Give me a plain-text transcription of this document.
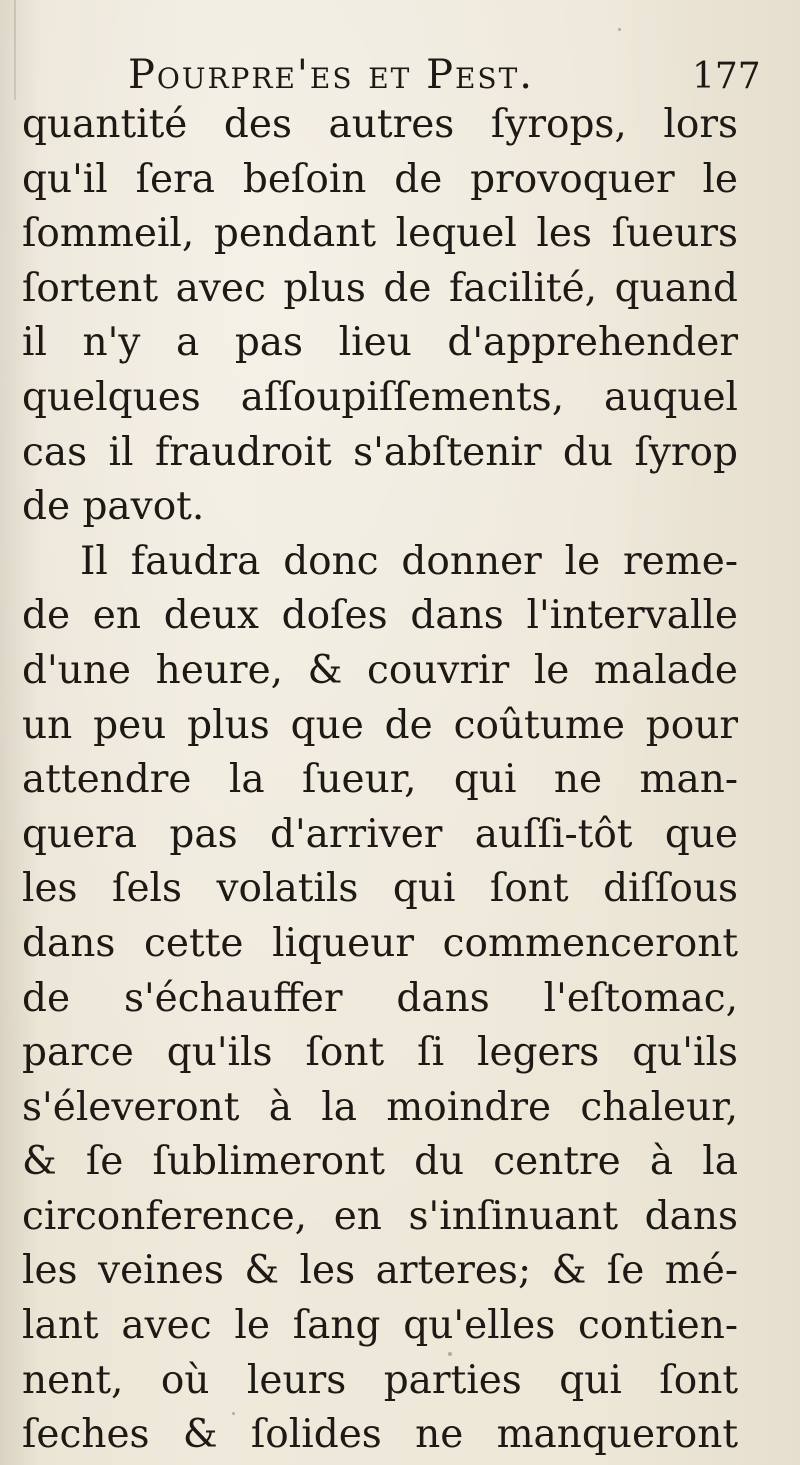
Pourpre'es et Pest.	177
quantité des autres ſyrops, lors
qu'il ſera beſoin de provoquer le
ſommeil, pendant lequel les ſueurs
ſortent avec plus de facilité, quand
il n'y a pas lieu d'apprehender
quelques aſſoupiſſements, auquel
cas il fraudroit s'abſtenir du ſyrop
de pavot.
Il faudra donc donner le reme-
de en deux doſes dans l'intervalle
d'une heure, & couvrir le malade
un peu plus que de coûtume pour
attendre la ſueur, qui ne man-
quera pas d'arriver auſſi-tôt que
les ſels volatils qui ſont diſſous
dans cette liqueur commenceront
de s'échauffer dans l'eſtomac,
parce qu'ils ſont ſi legers qu'ils
s'éleveront à la moindre chaleur,
& ſe ſublimeront du centre à la
circonference, en s'inſinuant dans
les veines & les arteres; & ſe mé-
lant avec le ſang qu'elles contien-
nent, où leurs parties qui ſont
ſeches & ſolides ne manqueront
